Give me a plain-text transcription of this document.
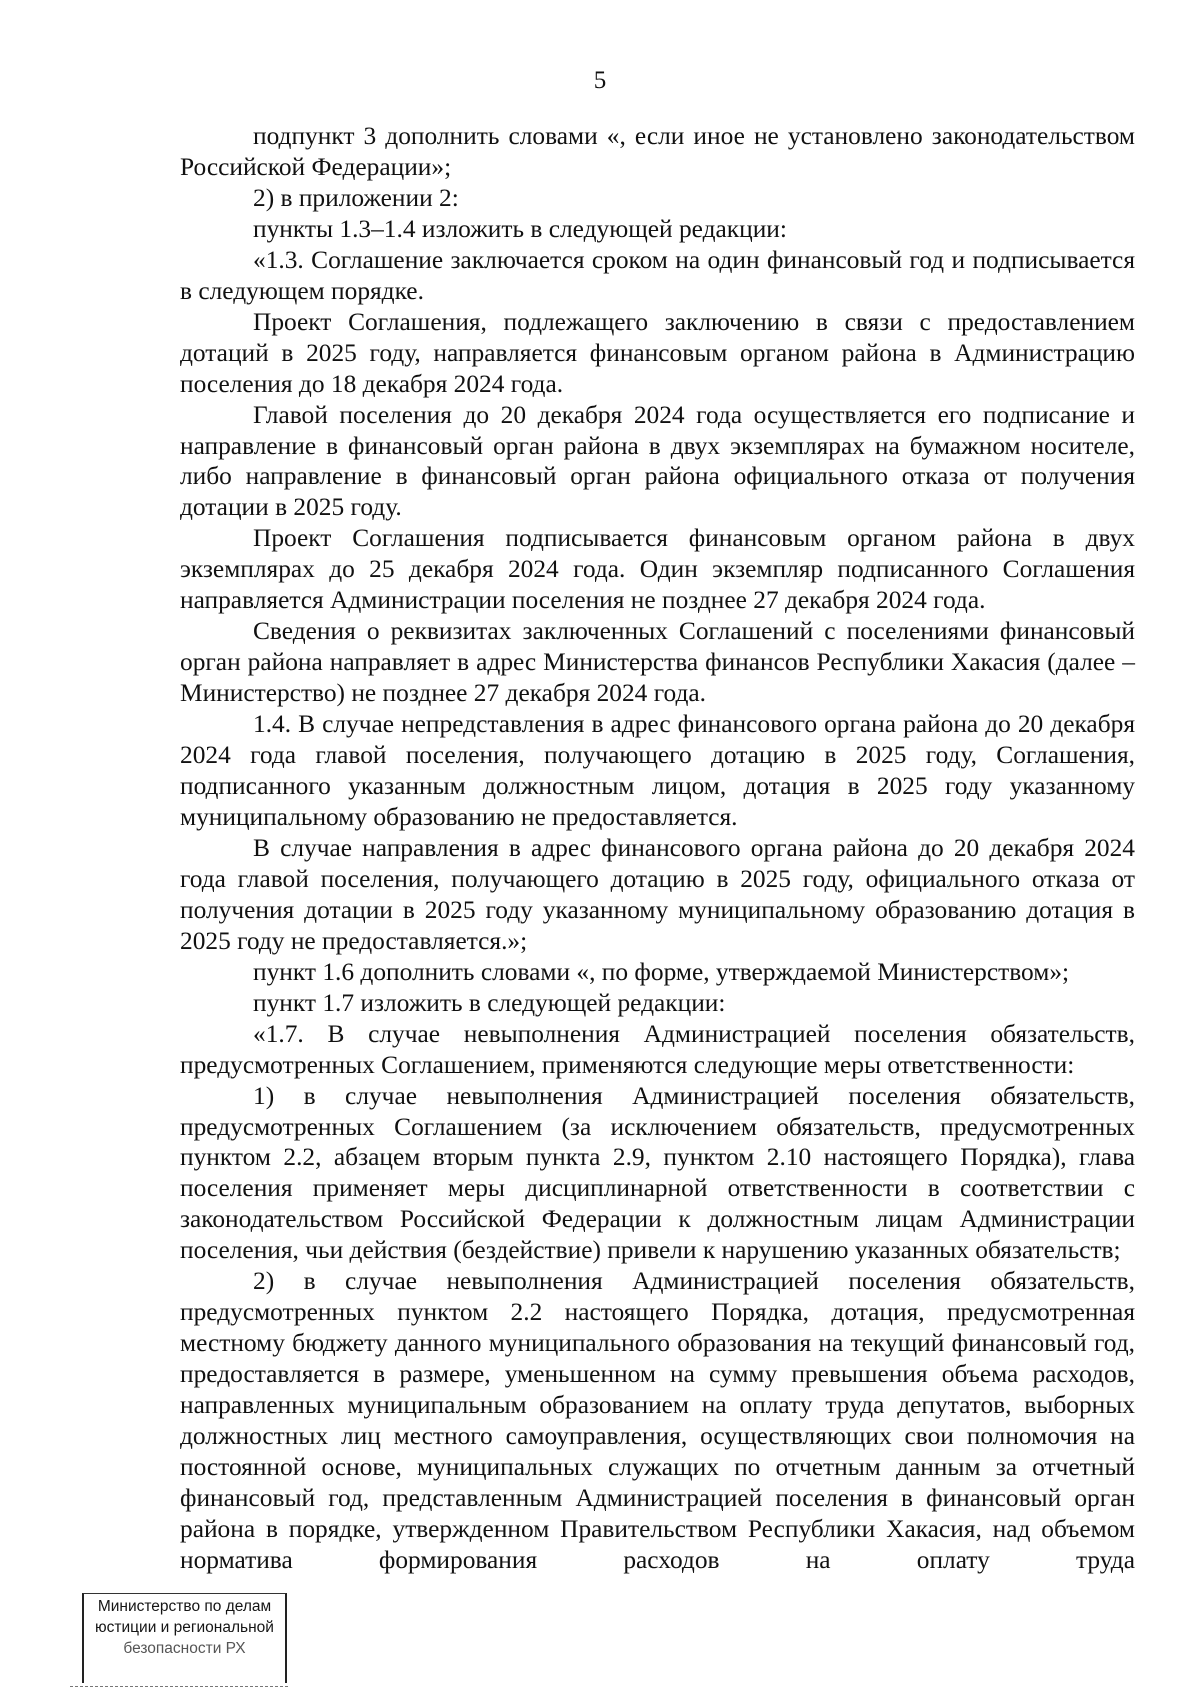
5

подпункт 3 дополнить словами «, если иное не установлено законодательством Российской Федерации»;

2) в приложении 2:

пункты 1.3–1.4 изложить в следующей редакции:

«1.3. Соглашение заключается сроком на один финансовый год и подписывается в следующем порядке.

Проект Соглашения, подлежащего заключению в связи с предоставлением дотаций в 2025 году, направляется финансовым органом района в Администрацию поселения до 18 декабря 2024 года.

Главой поселения до 20 декабря 2024 года осуществляется его подписание и направление в финансовый орган района в двух экземплярах на бумажном носителе, либо направление в финансовый орган района официального отказа от получения дотации в 2025 году.

Проект Соглашения подписывается финансовым органом района в двух экземплярах до 25 декабря 2024 года. Один экземпляр подписанного Соглашения направляется Администрации поселения не позднее 27 декабря 2024 года.

Сведения о реквизитах заключенных Соглашений с поселениями финансовый орган района направляет в адрес Министерства финансов Республики Хакасия (далее – Министерство) не позднее 27 декабря 2024 года.

1.4. В случае непредставления в адрес финансового органа района до 20 декабря 2024 года главой поселения, получающего дотацию в 2025 году, Соглашения, подписанного указанным должностным лицом, дотация в 2025 году указанному муниципальному образованию не предоставляется.

В случае направления в адрес финансового органа района до 20 декабря 2024 года главой поселения, получающего дотацию в 2025 году, официального отказа от получения дотации в 2025 году указанному муниципальному образованию дотация в 2025 году не предоставляется.»;

пункт 1.6 дополнить словами «, по форме, утверждаемой Министерством»;

пункт 1.7 изложить в следующей редакции:

«1.7. В случае невыполнения Администрацией поселения обязательств, предусмотренных Соглашением, применяются следующие меры ответственности:

1) в случае невыполнения Администрацией поселения обязательств, предусмотренных Соглашением (за исключением обязательств, предусмотренных пунктом 2.2, абзацем вторым пункта 2.9, пунктом 2.10 настоящего Порядка), глава поселения применяет меры дисциплинарной ответственности в соответствии с законодательством Российской Федерации к должностным лицам Администрации поселения, чьи действия (бездействие) привели к нарушению указанных обязательств;

2) в случае невыполнения Администрацией поселения обязательств, предусмотренных пунктом 2.2 настоящего Порядка, дотация, предусмотренная местному бюджету данного муниципального образования на текущий финансовый год, предоставляется в размере, уменьшенном на сумму превышения объема расходов, направленных муниципальным образованием на оплату труда депутатов, выборных должностных лиц местного самоуправления, осуществляющих свои полномочия на постоянной основе, муниципальных служащих по отчетным данным за отчетный финансовый год, представленным Администрацией поселения в финансовый орган района в порядке, утвержденном Правительством Республики Хакасия, над объемом норматива формирования расходов на оплату труда

Министерство по делам
юстиции и региональной
безопасности РХ
